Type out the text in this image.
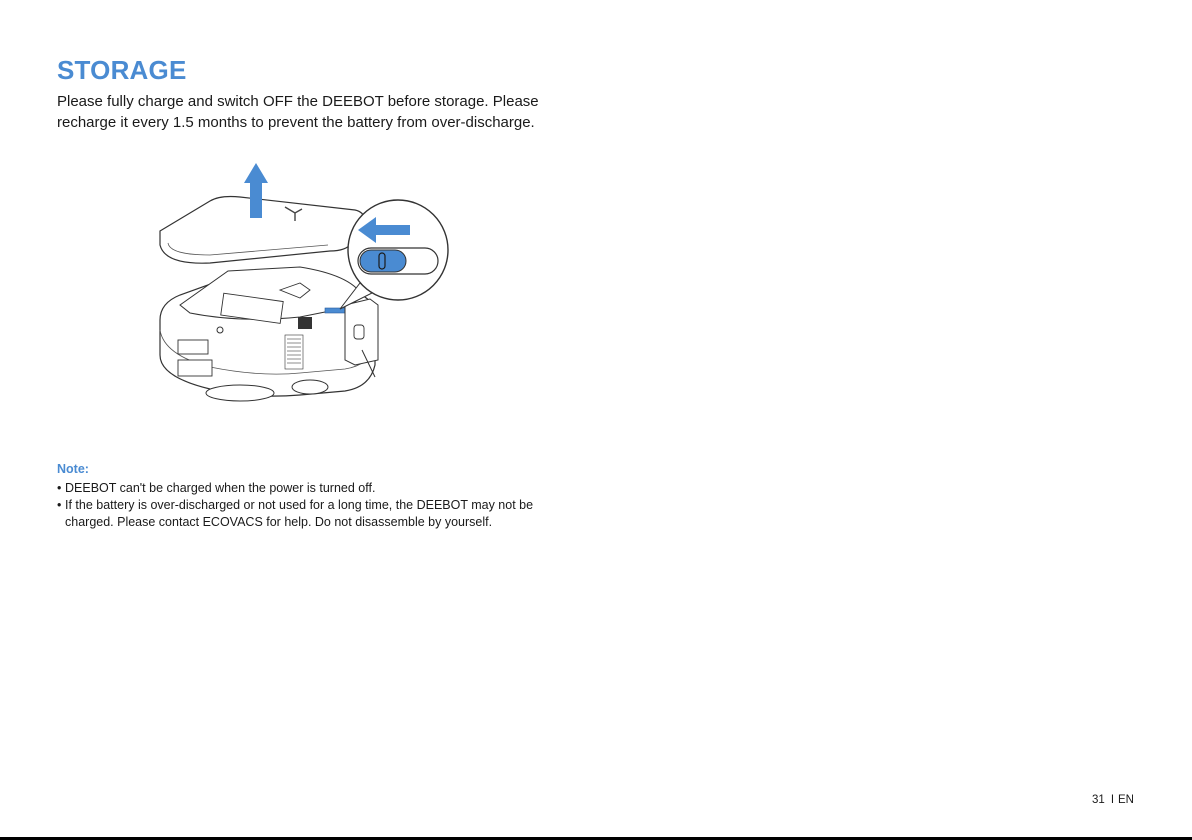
STORAGE

Please fully charge and switch OFF the DEEBOT before storage. Please recharge it every 1.5 months to prevent the battery from over-discharge.

Note:
• DEEBOT can't be charged when the power is turned off.
• If the battery is over-discharged or not used for a long time, the DEEBOT may not be charged. Please contact ECOVACS for help. Do not disassemble by yourself.
31 I EN
